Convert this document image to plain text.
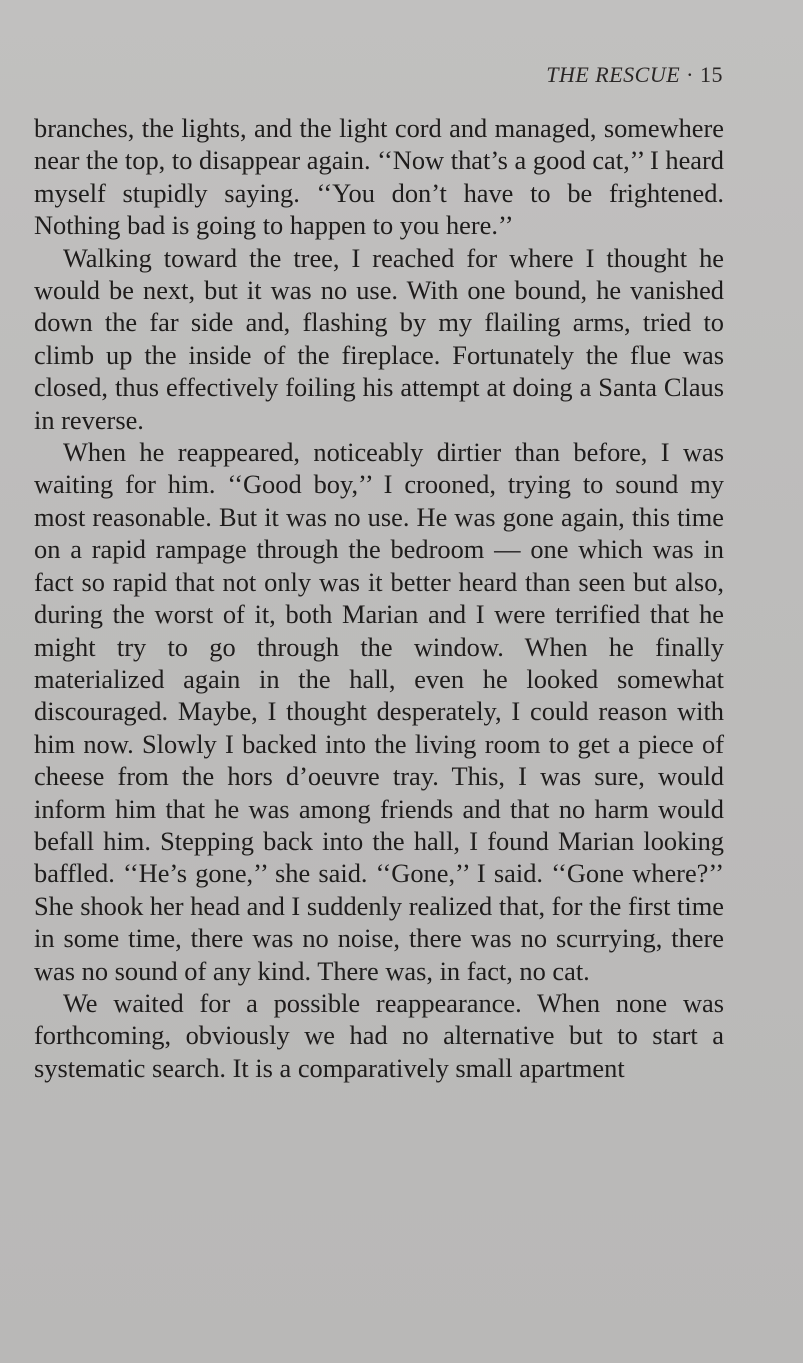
THE RESCUE · 15

branches, the lights, and the light cord and managed, somewhere near the top, to disappear again. ‘‘Now that’s a good cat,’’ I heard myself stupidly saying. ‘‘You don’t have to be frightened. Nothing bad is going to happen to you here.’’

Walking toward the tree, I reached for where I thought he would be next, but it was no use. With one bound, he vanished down the far side and, flashing by my flailing arms, tried to climb up the inside of the fireplace. Fortunately the flue was closed, thus effectively foiling his attempt at doing a Santa Claus in reverse.

When he reappeared, noticeably dirtier than before, I was waiting for him. ‘‘Good boy,’’ I crooned, trying to sound my most reasonable. But it was no use. He was gone again, this time on a rapid rampage through the bedroom — one which was in fact so rapid that not only was it better heard than seen but also, during the worst of it, both Marian and I were terrified that he might try to go through the window. When he finally materialized again in the hall, even he looked somewhat discouraged. Maybe, I thought desperately, I could reason with him now. Slowly I backed into the living room to get a piece of cheese from the hors d’oeuvre tray. This, I was sure, would inform him that he was among friends and that no harm would befall him. Stepping back into the hall, I found Marian looking baffled. ‘‘He’s gone,’’ she said. ‘‘Gone,’’ I said. ‘‘Gone where?’’ She shook her head and I suddenly realized that, for the first time in some time, there was no noise, there was no scurrying, there was no sound of any kind. There was, in fact, no cat.

We waited for a possible reappearance. When none was forthcoming, obviously we had no alternative but to start a systematic search. It is a comparatively small apartment
